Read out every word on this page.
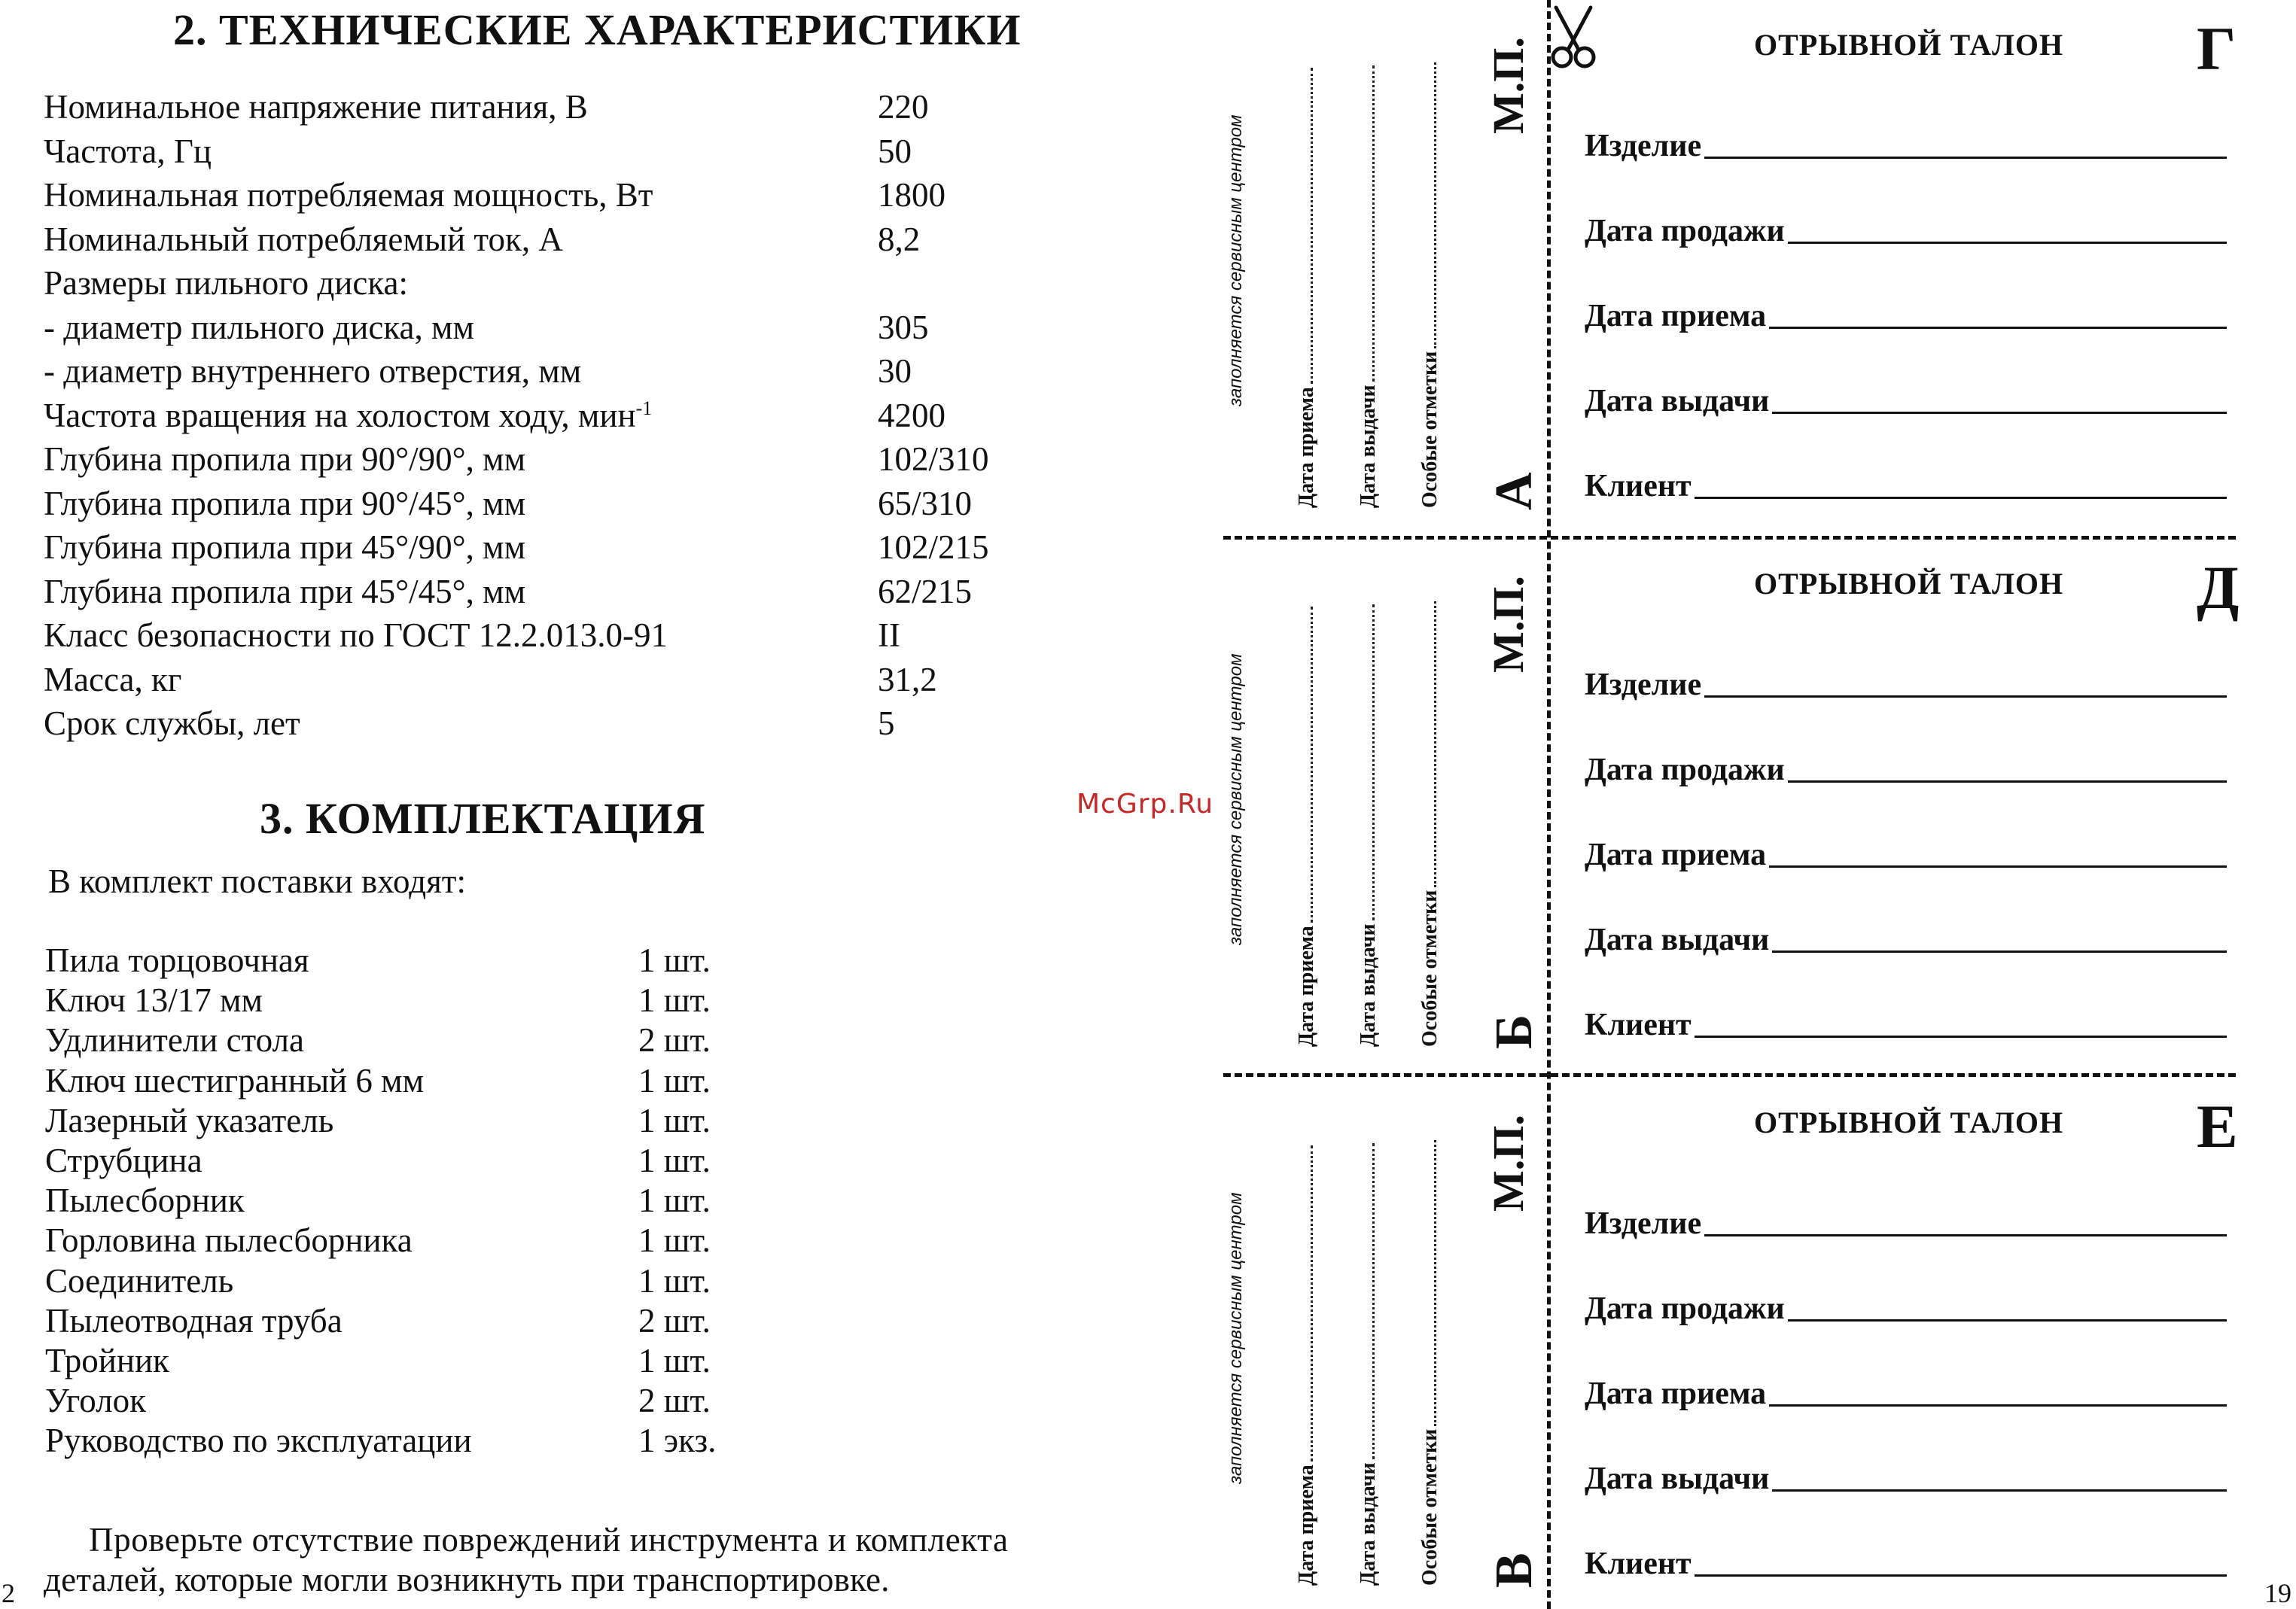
2. ТЕХНИЧЕСКИЕ ХАРАКТЕРИСТИКИ
Номинальное напряжение питания, В	220
Частота, Гц	50
Номинальная потребляемая мощность, Вт	1800
Номинальный потребляемый ток, А	8,2
Размеры пильного диска:
- диаметр пильного диска, мм	305
- диаметр внутреннего отверстия, мм	30
Частота вращения на холостом ходу, мин$^{-1}$	4200
Глубина пропила при 90°/90°, мм	102/310
Глубина пропила при 90°/45°, мм	65/310
Глубина пропила при 45°/90°, мм	102/215
Глубина пропила при 45°/45°, мм	62/215
Класс безопасности по ГОСТ 12.2.013.0-91	II
Масса, кг	31,2
Срок службы, лет	5
3. КОМПЛЕКТАЦИЯ
В комплект поставки входят:
Пила торцовочная	1 шт.
Ключ 13/17 мм	1 шт.
Удлинители стола	2 шт.
Ключ шестигранный 6 мм	1 шт.
Лазерный указатель	1 шт.
Струбцина	1 шт.
Пылесборник	1 шт.
Горловина пылесборника	1 шт.
Соединитель	1 шт.
Пылеотводная труба	2 шт.
Тройник	1 шт.
Уголок	2 шт.
Руководство по эксплуатации	1 экз.
Проверьте отсутствие повреждений инструмента и комплекта
деталей, которые могли возникнуть при транспортировке.
2
McGrp.Ru
заполняется сервисным центром
Дата приема Дата выдачи Особые отметки А
М.П.	ОТРЫВНОЙ ТАЛОН Г
Изделие
Дата продажи
Дата приема
Дата выдачи
Клиент
заполняется сервисным центром
Дата приема Дата выдачи Особые отметки Б
М.П.	ОТРЫВНОЙ ТАЛОН Д
Изделие
Дата продажи
Дата приема
Дата выдачи
Клиент
заполняется сервисным центром
Дата приема Дата выдачи Особые отметки В
М.П.	ОТРЫВНОЙ ТАЛОН Е
Изделие
Дата продажи
Дата приема
Дата выдачи
Клиент
19
